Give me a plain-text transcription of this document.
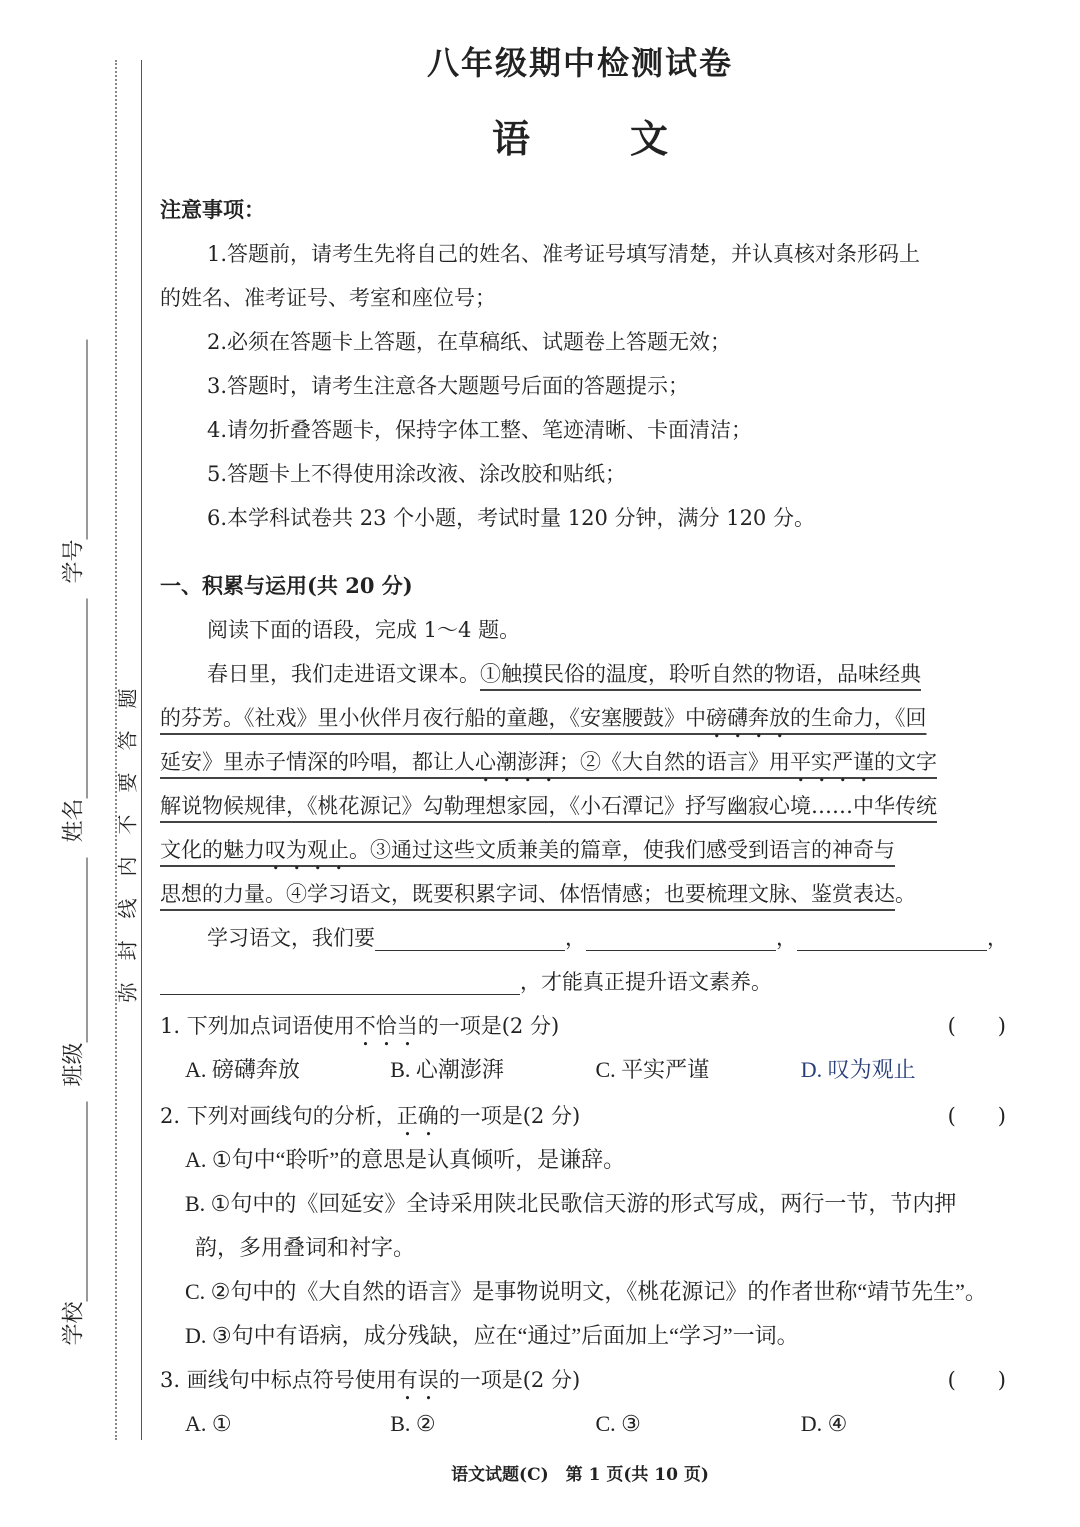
学校

班级

姓名

学号
弥封线内不要答题
八年级期中检测试卷
语	文
注意事项：
1.答题前，请考生先将自己的姓名、准考证号填写清楚，并认真核对条形码上
的姓名、准考证号、考室和座位号；
2.必须在答题卡上答题，在草稿纸、试题卷上答题无效；
3.答题时，请考生注意各大题题号后面的答题提示；
4.请勿折叠答题卡，保持字体工整、笔迹清晰、卡面清洁；
5.答题卡上不得使用涂改液、涂改胶和贴纸；
6.本学科试卷共 23 个小题，考试时量 120 分钟，满分 120 分。
一、积累与运用(共 20 分)
阅读下面的语段，完成 1～4 题。
春日里，我们走进语文课本。①触摸民俗的温度，聆听自然的物语，品味经典
的芬芳。《社戏》里小伙伴月夜行船的童趣，《安塞腰鼓》中磅礴奔放的生命力，《回
延安》里赤子情深的吟唱，都让人心潮澎湃；②《大自然的语言》用平实严谨的文字
解说物候规律，《桃花源记》勾勒理想家园，《小石潭记》抒写幽寂心境……中华传统
文化的魅力叹为观止。③通过这些文质兼美的篇章，使我们感受到语言的神奇与
思想的力量。④学习语文，既要积累字词、体悟情感；也要梳理文脉、鉴赏表达。
学习语文，我们要	，	，	，
，才能真正提升语文素养。
1. 下列加点词语使用不恰当的一项是(2 分)	(　　)
A. 磅礴奔放	B. 心潮澎湃	C. 平实严谨	D. 叹为观止
2. 下列对画线句的分析，正确的一项是(2 分)	(　　)
A. ①句中“聆听”的意思是认真倾听，是谦辞。
B. ①句中的《回延安》全诗采用陕北民歌信天游的形式写成，两行一节，节内押
韵，多用叠词和衬字。
C. ②句中的《大自然的语言》是事物说明文，《桃花源记》的作者世称“靖节先生”。
D. ③句中有语病，成分残缺，应在“通过”后面加上“学习”一词。
3. 画线句中标点符号使用有误的一项是(2 分)	(　　)
A. ①	B. ②	C. ③	D. ④
语文试题(C)　第 1 页(共 10 页)
